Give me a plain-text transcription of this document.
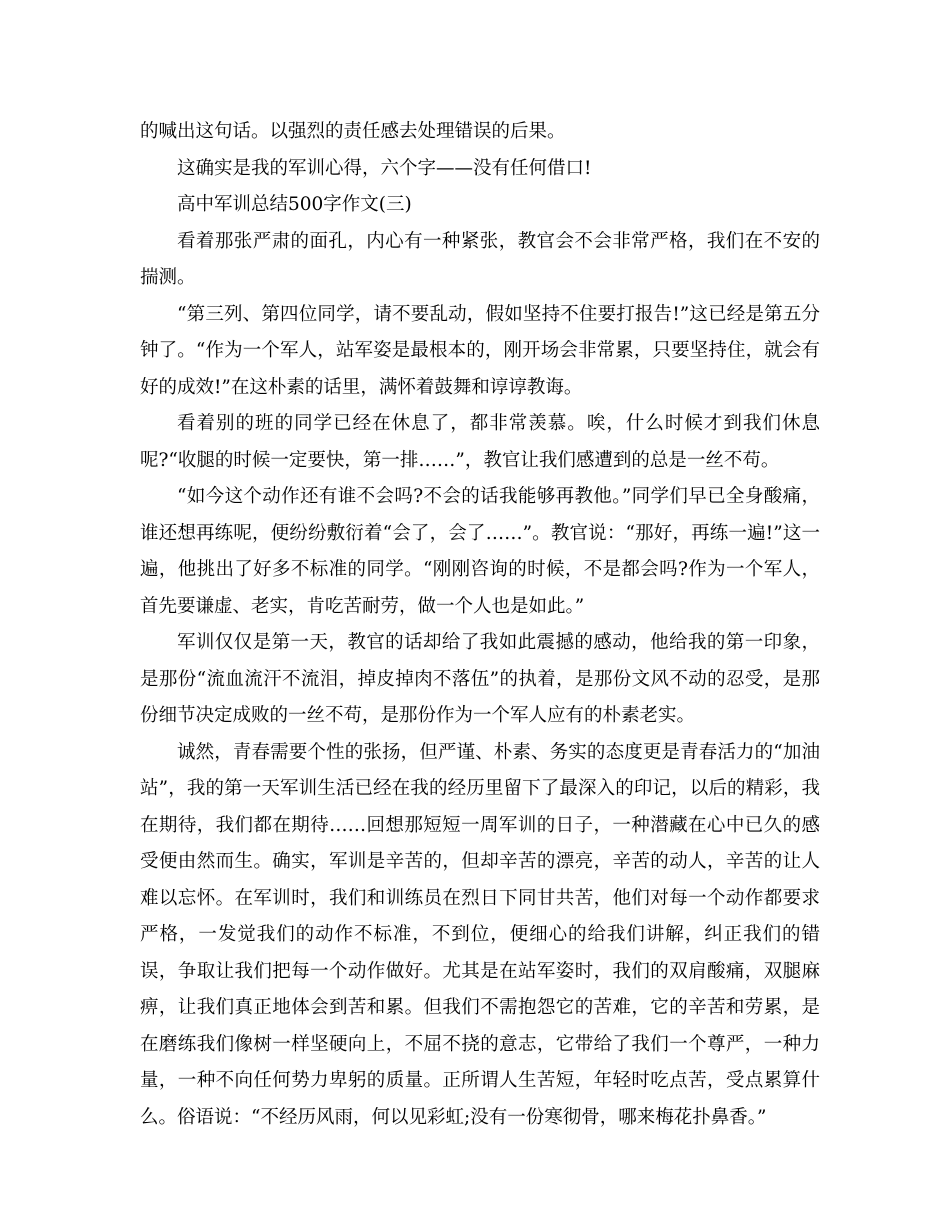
的喊出这句话。以强烈的责任感去处理错误的后果。

这确实是我的军训心得，六个字——没有任何借口!

高中军训总结500字作文(三)

看着那张严肃的面孔，内心有一种紧张，教官会不会非常严格，我们在不安的揣测。

“第三列、第四位同学，请不要乱动，假如坚持不住要打报告!”这已经是第五分钟了。“作为一个军人，站军姿是最根本的，刚开场会非常累，只要坚持住，就会有好的成效!”在这朴素的话里，满怀着鼓舞和谆谆教诲。

看着别的班的同学已经在休息了，都非常羡慕。唉，什么时候才到我们休息呢?“收腿的时候一定要快，第一排……”，教官让我们感遭到的总是一丝不苟。

“如今这个动作还有谁不会吗?不会的话我能够再教他。”同学们早已全身酸痛，谁还想再练呢，便纷纷敷衍着“会了，会了……”。教官说：“那好，再练一遍!”这一遍，他挑出了好多不标准的同学。“刚刚咨询的时候，不是都会吗?作为一个军人，首先要谦虚、老实，肯吃苦耐劳，做一个人也是如此。”

军训仅仅是第一天，教官的话却给了我如此震撼的感动，他给我的第一印象，是那份“流血流汗不流泪，掉皮掉肉不落伍”的执着，是那份文风不动的忍受，是那份细节决定成败的一丝不苟，是那份作为一个军人应有的朴素老实。

诚然，青春需要个性的张扬，但严谨、朴素、务实的态度更是青春活力的“加油站”，我的第一天军训生活已经在我的经历里留下了最深入的印记，以后的精彩，我在期待，我们都在期待……回想那短短一周军训的日子，一种潜藏在心中已久的感受便由然而生。确实，军训是辛苦的，但却辛苦的漂亮，辛苦的动人，辛苦的让人难以忘怀。在军训时，我们和训练员在烈日下同甘共苦，他们对每一个动作都要求严格，一发觉我们的动作不标准，不到位，便细心的给我们讲解，纠正我们的错误，争取让我们把每一个动作做好。尤其是在站军姿时，我们的双肩酸痛，双腿麻痹，让我们真正地体会到苦和累。但我们不需抱怨它的苦难，它的辛苦和劳累，是在磨练我们像树一样坚硬向上，不屈不挠的意志，它带给了我们一个尊严，一种力量，一种不向任何势力卑躬的质量。正所谓人生苦短，年轻时吃点苦，受点累算什么。俗语说：“不经历风雨，何以见彩虹;没有一份寒彻骨，哪来梅花扑鼻香。”
